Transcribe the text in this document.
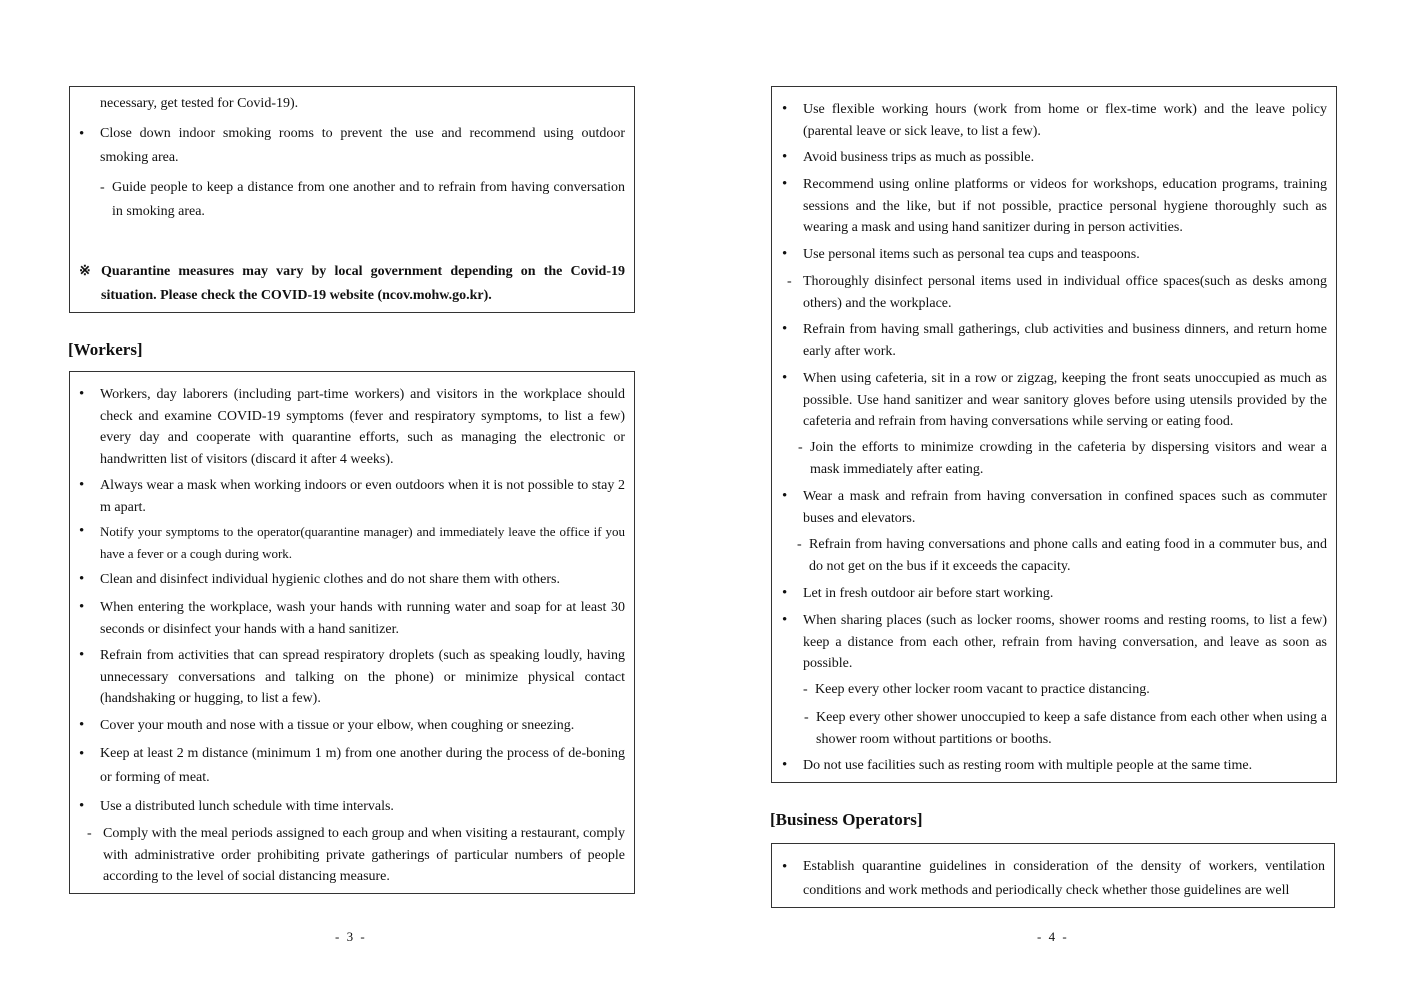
necessary, get tested for Covid-19).
• Close down indoor smoking rooms to prevent the use and recommend using outdoor smoking area.
- Guide people to keep a distance from one another and to refrain from having conversation in smoking area.
※ Quarantine measures may vary by local government depending on the Covid-19 situation. Please check the COVID-19 website (ncov.mohw.go.kr).
[Workers]
• Workers, day laborers (including part-time workers) and visitors in the workplace should check and examine COVID-19 symptoms (fever and respiratory symptoms, to list a few) every day and cooperate with quarantine efforts, such as managing the electronic or handwritten list of visitors (discard it after 4 weeks).
• Always wear a mask when working indoors or even outdoors when it is not possible to stay 2 m apart.
• Notify your symptoms to the operator(quarantine manager) and immediately leave the office if you have a fever or a cough during work.
• Clean and disinfect individual hygienic clothes and do not share them with others.
• When entering the workplace, wash your hands with running water and soap for at least 30 seconds or disinfect your hands with a hand sanitizer.
• Refrain from activities that can spread respiratory droplets (such as speaking loudly, having unnecessary conversations and talking on the phone) or minimize physical contact (handshaking or hugging, to list a few).
• Cover your mouth and nose with a tissue or your elbow, when coughing or sneezing.
• Keep at least 2 m distance (minimum 1 m) from one another during the process of de-boning or forming of meat.
• Use a distributed lunch schedule with time intervals.
- Comply with the meal periods assigned to each group and when visiting a restaurant, comply with administrative order prohibiting private gatherings of particular numbers of people according to the level of social distancing measure.
- 3 -
• Use flexible working hours (work from home or flex-time work) and the leave policy (parental leave or sick leave, to list a few).
• Avoid business trips as much as possible.
• Recommend using online platforms or videos for workshops, education programs, training sessions and the like, but if not possible, practice personal hygiene thoroughly such as wearing a mask and using hand sanitizer during in person activities.
• Use personal items such as personal tea cups and teaspoons.
- Thoroughly disinfect personal items used in individual office spaces(such as desks among others) and the workplace.
• Refrain from having small gatherings, club activities and business dinners, and return home early after work.
• When using cafeteria, sit in a row or zigzag, keeping the front seats unoccupied as much as possible. Use hand sanitizer and wear sanitory gloves before using utensils provided by the cafeteria and refrain from having conversations while serving or eating food.
- Join the efforts to minimize crowding in the cafeteria by dispersing visitors and wear a mask immediately after eating.
• Wear a mask and refrain from having conversation in confined spaces such as commuter buses and elevators.
- Refrain from having conversations and phone calls and eating food in a commuter bus, and do not get on the bus if it exceeds the capacity.
• Let in fresh outdoor air before start working.
• When sharing places (such as locker rooms, shower rooms and resting rooms, to list a few) keep a distance from each other, refrain from having conversation, and leave as soon as possible.
- Keep every other locker room vacant to practice distancing.
- Keep every other shower unoccupied to keep a safe distance from each other when using a shower room without partitions or booths.
• Do not use facilities such as resting room with multiple people at the same time.
[Business Operators]
• Establish quarantine guidelines in consideration of the density of workers, ventilation conditions and work methods and periodically check whether those guidelines are well
- 4 -
